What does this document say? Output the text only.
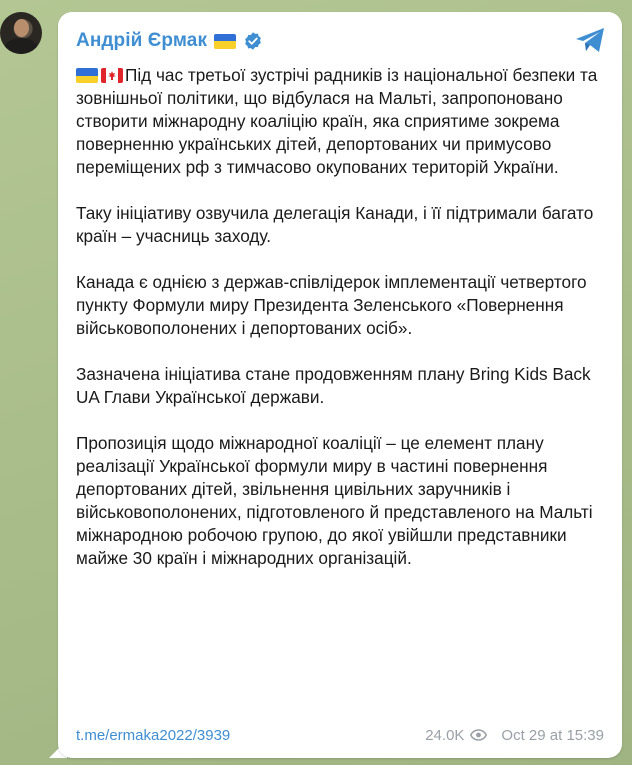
Андрій Єрмак

Під час третьої зустрічі радників із національної безпеки та зовнішньої політики, що відбулася на Мальті, запропоновано створити міжнародну коаліцію країн, яка сприятиме зокрема поверненню українських дітей, депортованих чи примусово переміщених рф з тимчасово окупованих територій України.

Таку ініціативу озвучила делегація Канади, і її підтримали багато країн – учасниць заходу.

Канада є однією з держав-співлідерок імплементації четвертого пункту Формули миру Президента Зеленського «Повернення військовополонених і депортованих осіб».

Зазначена ініціатива стане продовженням плану Bring Kids Back UA Глави Української держави.

Пропозиція щодо міжнародної коаліції – це елемент плану реалізації Української формули миру в частині повернення депортованих дітей, звільнення цивільних заручників і військовополонених, підготовленого й представленого на Мальті міжнародною робочою групою, до якої увійшли представники майже 30 країн і міжнародних організацій.

t.me/ermaka2022/3939	24.0K Oct 29 at 15:39
